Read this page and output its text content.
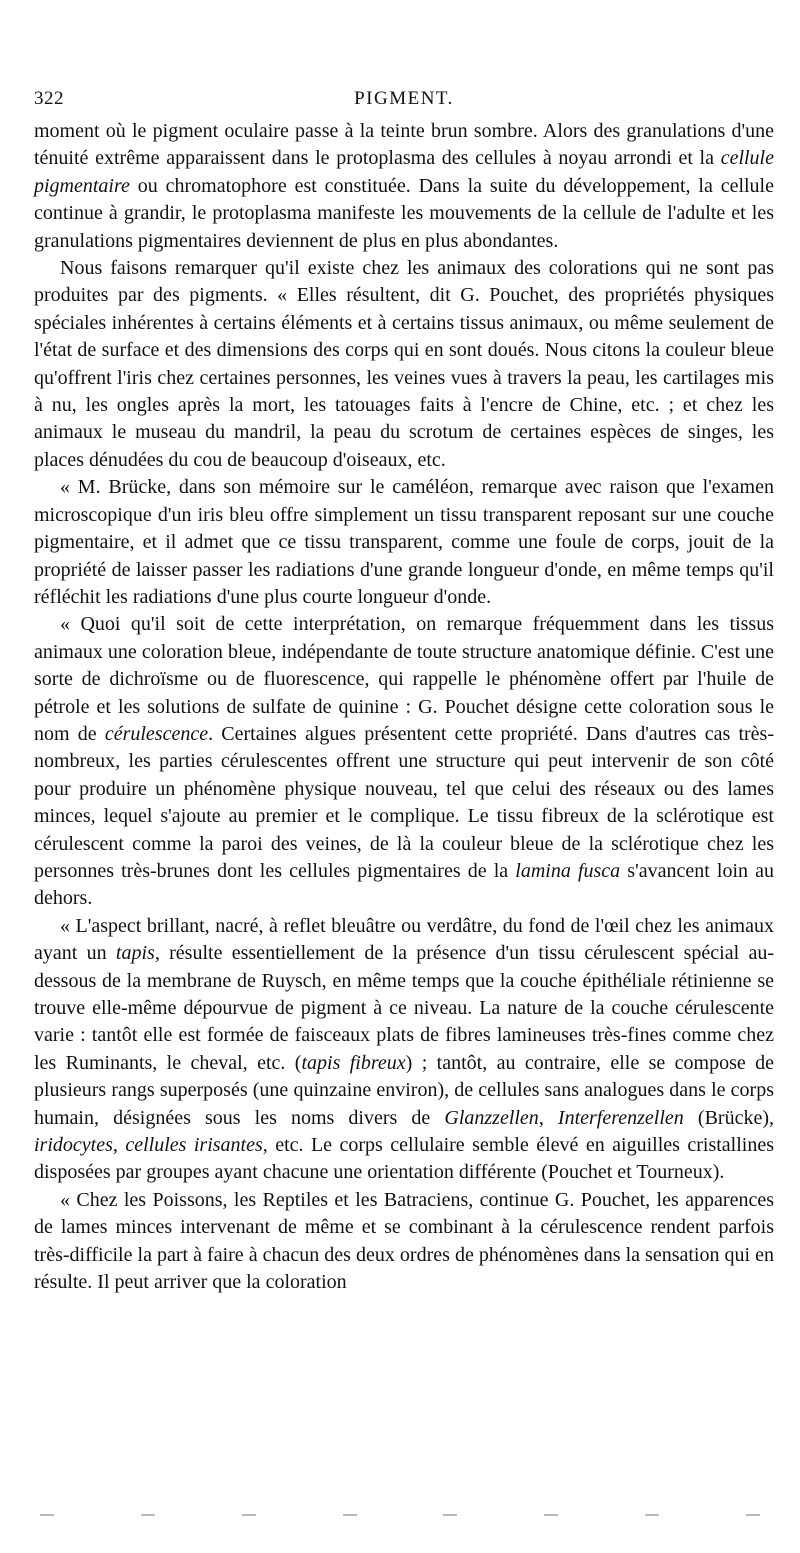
322	PIGMENT.

moment où le pigment oculaire passe à la teinte brun sombre. Alors des granulations d'une ténuité extrême apparaissent dans le protoplasma des cellules à noyau arrondi et la cellule pigmentaire ou chromatophore est constituée. Dans la suite du développement, la cellule continue à grandir, le protoplasma manifeste les mouvements de la cellule de l'adulte et les granulations pigmentaires deviennent de plus en plus abondantes.

Nous faisons remarquer qu'il existe chez les animaux des colorations qui ne sont pas produites par des pigments. « Elles résultent, dit G. Pouchet, des propriétés physiques spéciales inhérentes à certains éléments et à certains tissus animaux, ou même seulement de l'état de surface et des dimensions des corps qui en sont doués. Nous citons la couleur bleue qu'offrent l'iris chez certaines personnes, les veines vues à travers la peau, les cartilages mis à nu, les ongles après la mort, les tatouages faits à l'encre de Chine, etc. ; et chez les animaux le museau du mandril, la peau du scrotum de certaines espèces de singes, les places dénudées du cou de beaucoup d'oiseaux, etc.

« M. Brücke, dans son mémoire sur le caméléon, remarque avec raison que l'examen microscopique d'un iris bleu offre simplement un tissu transparent reposant sur une couche pigmentaire, et il admet que ce tissu transparent, comme une foule de corps, jouit de la propriété de laisser passer les radiations d'une grande longueur d'onde, en même temps qu'il réfléchit les radiations d'une plus courte longueur d'onde.

« Quoi qu'il soit de cette interprétation, on remarque fréquemment dans les tissus animaux une coloration bleue, indépendante de toute structure anatomique définie. C'est une sorte de dichroïsme ou de fluorescence, qui rappelle le phénomène offert par l'huile de pétrole et les solutions de sulfate de quinine : G. Pouchet désigne cette coloration sous le nom de cérulescence. Certaines algues présentent cette propriété. Dans d'autres cas très-nombreux, les parties cérulescentes offrent une structure qui peut intervenir de son côté pour produire un phénomène physique nouveau, tel que celui des réseaux ou des lames minces, lequel s'ajoute au premier et le complique. Le tissu fibreux de la sclérotique est cérulescent comme la paroi des veines, de là la couleur bleue de la sclérotique chez les personnes très-brunes dont les cellules pigmentaires de la lamina fusca s'avancent loin au dehors.

« L'aspect brillant, nacré, à reflet bleuâtre ou verdâtre, du fond de l'œil chez les animaux ayant un tapis, résulte essentiellement de la présence d'un tissu cérulescent spécial au-dessous de la membrane de Ruysch, en même temps que la couche épithéliale rétinienne se trouve elle-même dépourvue de pigment à ce niveau. La nature de la couche cérulescente varie : tantôt elle est formée de faisceaux plats de fibres lamineuses très-fines comme chez les Ruminants, le cheval, etc. (tapis fibreux) ; tantôt, au contraire, elle se compose de plusieurs rangs superposés (une quinzaine environ), de cellules sans analogues dans le corps humain, désignées sous les noms divers de Glanzzellen, Interferenzellen (Brücke), iridocytes, cellules irisantes, etc. Le corps cellulaire semble élevé en aiguilles cristallines disposées par groupes ayant chacune une orientation différente (Pouchet et Tourneux).

« Chez les Poissons, les Reptiles et les Batraciens, continue G. Pouchet, les apparences de lames minces intervenant de même et se combinant à la cérulescence rendent parfois très-difficile la part à faire à chacun des deux ordres de phénomènes dans la sensation qui en résulte. Il peut arriver que la coloration
